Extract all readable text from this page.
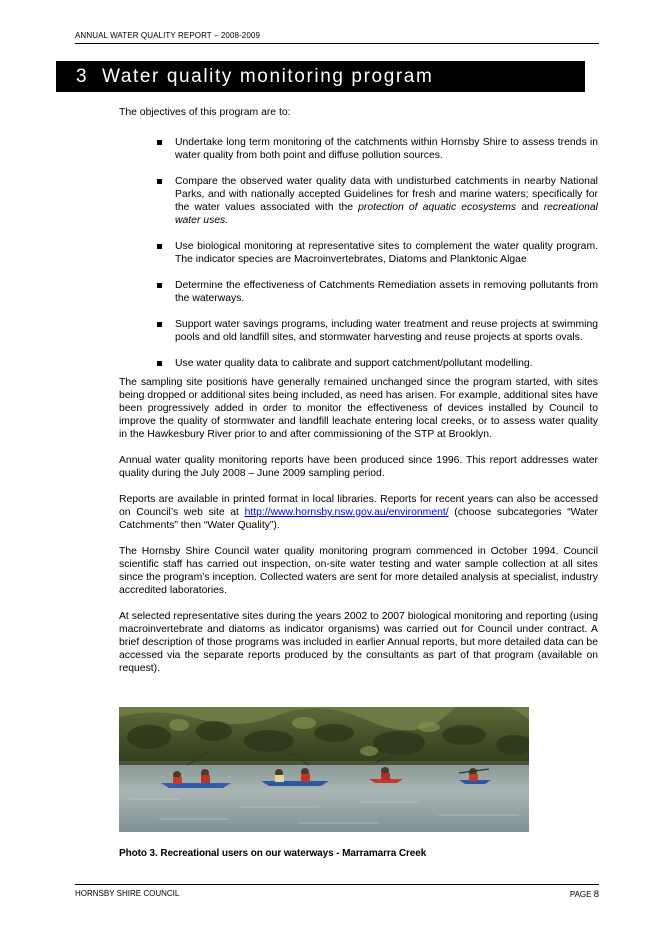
ANNUAL WATER QUALITY REPORT – 2008-2009
3 Water quality monitoring program

The objectives of this program are to:

Undertake long term monitoring of the catchments within Hornsby Shire to assess trends in water quality from both point and diffuse pollution sources.
Compare the observed water quality data with undisturbed catchments in nearby National Parks, and with nationally accepted Guidelines for fresh and marine waters; specifically for the water values associated with the protection of aquatic ecosystems and recreational water uses.
Use biological monitoring at representative sites to complement the water quality program. The indicator species are Macroinvertebrates, Diatoms and Planktonic Algae
Determine the effectiveness of Catchments Remediation assets in removing pollutants from the waterways.
Support water savings programs, including water treatment and reuse projects at swimming pools and old landfill sites, and stormwater harvesting and reuse projects at sports ovals.
Use water quality data to calibrate and support catchment/pollutant modelling.

The sampling site positions have generally remained unchanged since the program started, with sites being dropped or additional sites being included, as need has arisen. For example, additional sites have been progressively added in order to monitor the effectiveness of devices installed by Council to improve the quality of stormwater and landfill leachate entering local creeks, or to assess water quality in the Hawkesbury River prior to and after commissioning of the STP at Brooklyn.

Annual water quality monitoring reports have been produced since 1996. This report addresses water quality during the July 2008 – June 2009 sampling period.

Reports are available in printed format in local libraries. Reports for recent years can also be accessed on Council’s web site at http://www.hornsby.nsw.gov.au/environment/ (choose subcategories “Water Catchments” then “Water Quality”).

The Hornsby Shire Council water quality monitoring program commenced in October 1994. Council scientific staff has carried out inspection, on-site water testing and water sample collection at all sites since the program’s inception. Collected waters are sent for more detailed analysis at specialist, industry accredited laboratories.

At selected representative sites during the years 2002 to 2007 biological monitoring and reporting (using macroinvertebrate and diatoms as indicator organisms) was carried out for Council under contract. A brief description of those programs was included in earlier Annual reports, but more detailed data can be accessed via the separate reports produced by the consultants as part of that program (available on request).

Photo 3. Recreational users on our waterways - Marramarra Creek
HORNSBY SHIRE COUNCIL	PAGE 8
